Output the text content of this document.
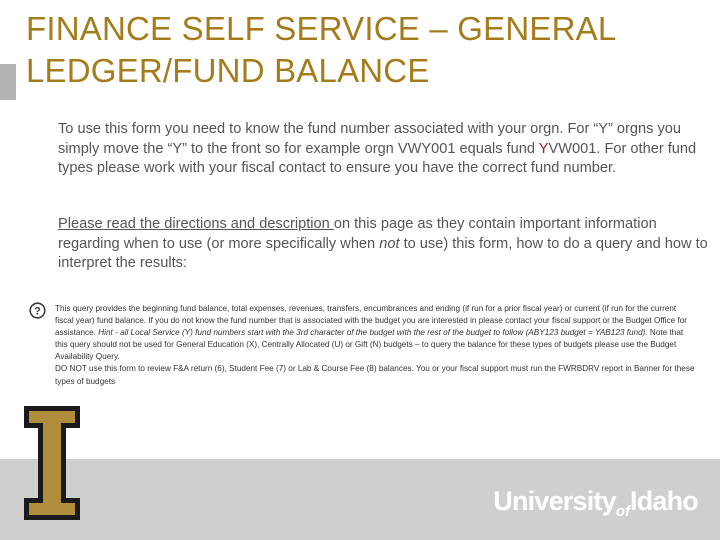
FINANCE SELF SERVICE – GENERAL LEDGER/FUND BALANCE

To use this form you need to know the fund number associated with your orgn. For “Y” orgns you simply move the “Y” to the front so for example orgn VWY001 equals fund YVW001. For other fund types please work with your fiscal contact to ensure you have the correct fund number.

Please read the directions and description on this page as they contain important information regarding when to use (or more specifically when not to use) this form, how to do a query and how to interpret the results:

? This query provides the beginning fund balance, total expenses, revenues, transfers, encumbrances and ending (if run for a prior fiscal year) or current (if run for the current fiscal year) fund balance. If you do not know the fund number that is associated with the budget you are interested in please contact your fiscal support or the Budget Office for assistance. Hint - all Local Service (Y) fund numbers start with the 3rd character of the budget with the rest of the budget to follow (ABY123 budget = YAB123 fund). Note that this query should not be used for General Education (X), Centrally Allocated (U) or Gift (N) budgets – to query the balance for these types of budgets please use the Budget Availability Query.
DO NOT use this form to review F&A return (6), Student Fee (7) or Lab & Course Fee (8) balances. You or your fiscal support must run the FWRBDRV report in Banner for these types of budgets

University$_{of}$Idaho
